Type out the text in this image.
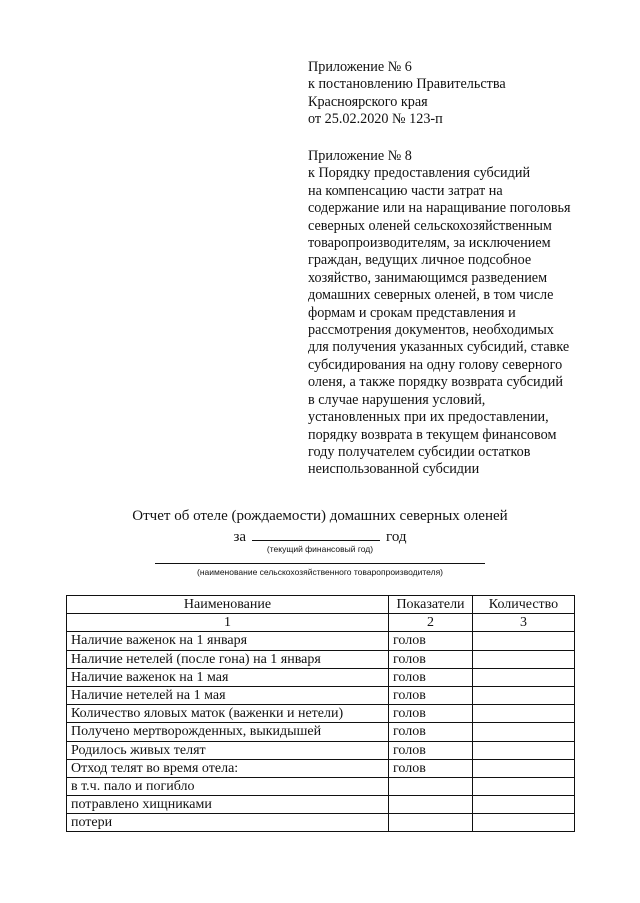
Приложение № 6
к постановлению Правительства
Красноярского края
от 25.02.2020 № 123-п
Приложение № 8
к Порядку предоставления субсидий
на компенсацию части затрат на
содержание или на наращивание поголовья
северных оленей сельскохозяйственным
товаропроизводителям, за исключением
граждан, ведущих личное подсобное
хозяйство, занимающимся разведением
домашних северных оленей, в том числе
формам и срокам представления и
рассмотрения документов, необходимых
для получения указанных субсидий, ставке
субсидирования на одну голову северного
оленя, а также порядку возврата субсидий
в случае нарушения условий,
установленных при их предоставлении,
порядку возврата в текущем финансовом
году получателем субсидии остатков
неиспользованной субсидии
Отчет об отеле (рождаемости) домашних северных оленей
за	год
(текущий финансовый год)
(наименование сельскохозяйственного товаропроизводителя)
Наименование	Показатели	Количество
1	2	3
Наличие важенок на 1 января	голов	
Наличие нетелей (после гона) на 1 января	голов	
Наличие важенок на 1 мая	голов	
Наличие нетелей на 1 мая	голов	
Количество яловых маток (важенки и нетели)	голов	
Получено мертворожденных, выкидышей	голов	
Родилось живых телят	голов	
Отход телят во время отела:	голов	
в т.ч. пало и погибло		
потравлено хищниками		
потери		
